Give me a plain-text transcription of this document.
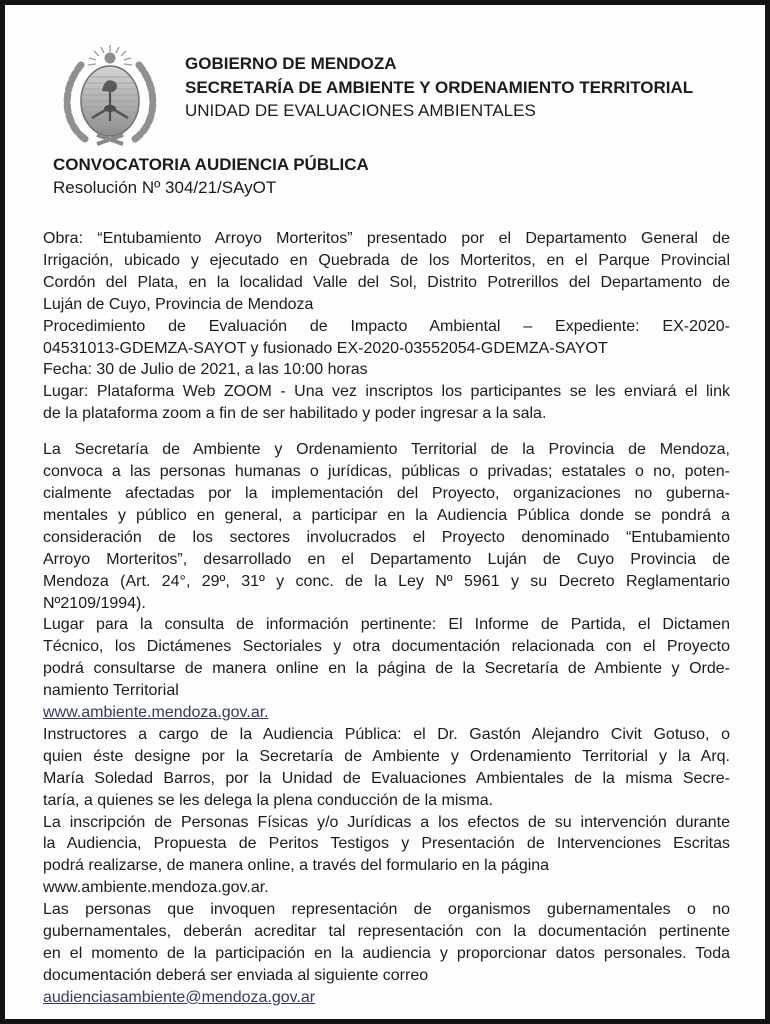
GOBIERNO DE MENDOZA
SECRETARÍA DE AMBIENTE Y ORDENAMIENTO TERRITORIAL
UNIDAD DE EVALUACIONES AMBIENTALES
CONVOCATORIA AUDIENCIA PÚBLICA
Resolución Nº 304/21/SAyOT
Obra: “Entubamiento Arroyo Morteritos” presentado por el Departamento General de
Irrigación, ubicado y ejecutado en Quebrada de los Morteritos, en el Parque Provincial
Cordón del Plata, en la localidad Valle del Sol, Distrito Potrerillos del Departamento de
Luján de Cuyo, Provincia de Mendoza
Procedimiento de Evaluación de Impacto Ambiental – Expediente: EX-2020-
04531013-GDEMZA-SAYOT y fusionado EX-2020-03552054-GDEMZA-SAYOT
Fecha: 30 de Julio de 2021, a las 10:00 horas
Lugar: Plataforma Web ZOOM - Una vez inscriptos los participantes se les enviará el link
de la plataforma zoom a fin de ser habilitado y poder ingresar a la sala.
La Secretaría de Ambiente y Ordenamiento Territorial de la Provincia de Mendoza,
convoca a las personas humanas o jurídicas, públicas o privadas; estatales o no, poten-
cialmente afectadas por la implementación del Proyecto, organizaciones no guberna-
mentales y público en general, a participar en la Audiencia Pública donde se pondrá a
consideración de los sectores involucrados el Proyecto denominado “Entubamiento
Arroyo Morteritos”, desarrollado en el Departamento Luján de Cuyo Provincia de
Mendoza (Art. 24°, 29º, 31º y conc. de la Ley Nº 5961 y su Decreto Reglamentario
Nº2109/1994).
Lugar para la consulta de información pertinente: El Informe de Partida, el Dictamen
Técnico, los Dictámenes Sectoriales y otra documentación relacionada con el Proyecto
podrá consultarse de manera online en la página de la Secretaría de Ambiente y Orde-
namiento Territorial
www.ambiente.mendoza.gov.ar.
Instructores a cargo de la Audiencia Pública: el Dr. Gastón Alejandro Civit Gotuso, o
quien éste designe por la Secretaría de Ambiente y Ordenamiento Territorial y la Arq.
María Soledad Barros, por la Unidad de Evaluaciones Ambientales de la misma Secre-
taría, a quienes se les delega la plena conducción de la misma.
La inscripción de Personas Físicas y/o Jurídicas a los efectos de su intervención durante
la Audiencia, Propuesta de Peritos Testigos y Presentación de Intervenciones Escritas
podrá realizarse, de manera online, a través del formulario en la página
www.ambiente.mendoza.gov.ar.
Las personas que invoquen representación de organismos gubernamentales o no
gubernamentales, deberán acreditar tal representación con la documentación pertinente
en el momento de la participación en la audiencia y proporcionar datos personales. Toda
documentación deberá ser enviada al siguiente correo
audienciasambiente@mendoza.gov.ar
